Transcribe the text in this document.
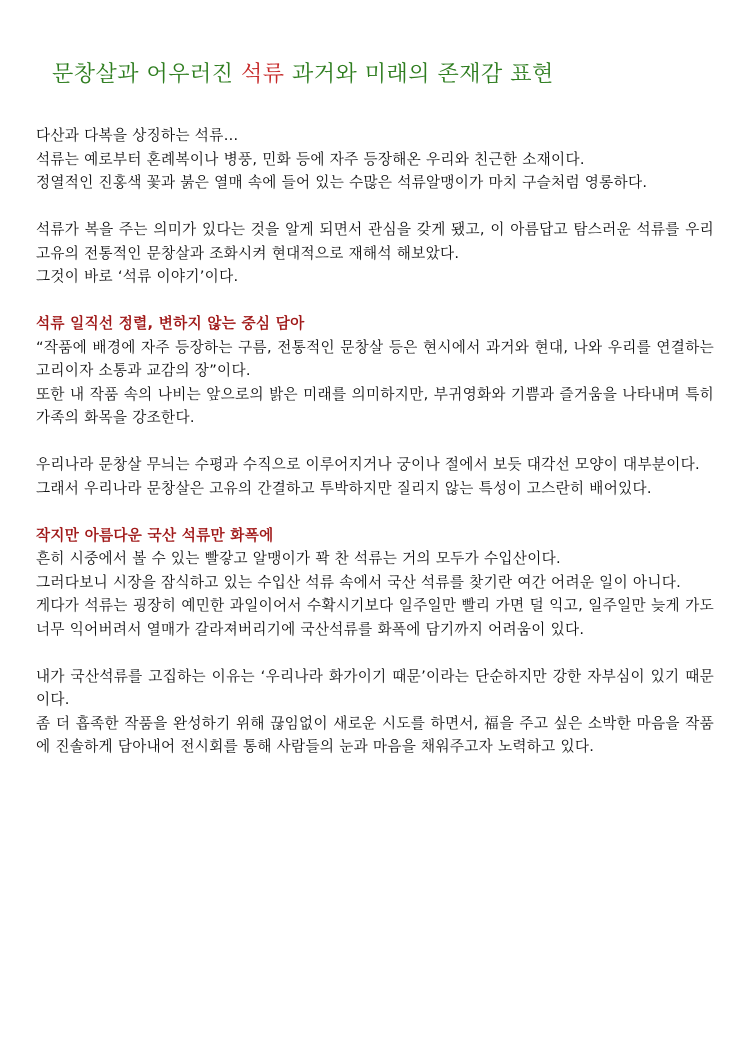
문창살과 어우러진 석류 과거와 미래의 존재감 표현

다산과 다복을 상징하는 석류…

석류는 예로부터 혼례복이나 병풍, 민화 등에 자주 등장해온 우리와 친근한 소재이다.

정열적인 진홍색 꽃과 붉은 열매 속에 들어 있는 수많은 석류알맹이가 마치 구슬처럼 영롱하다.

석류가 복을 주는 의미가 있다는 것을 알게 되면서 관심을 갖게 됐고, 이 아름답고 탐스러운 석류를 우리 고유의 전통적인 문창살과 조화시켜 현대적으로 재해석 해보았다.

그것이 바로 ‘석류 이야기’이다.

석류 일직선 정렬, 변하지 않는 중심 담아

“작품에 배경에 자주 등장하는 구름, 전통적인 문창살 등은 현시에서 과거와 현대, 나와 우리를 연결하는 고리이자 소통과 교감의 장”이다.

또한 내 작품 속의 나비는 앞으로의 밝은 미래를 의미하지만, 부귀영화와 기쁨과 즐거움을 나타내며 특히 가족의 화목을 강조한다.

우리나라 문창살 무늬는 수평과 수직으로 이루어지거나 궁이나 절에서 보듯 대각선 모양이 대부분이다.

그래서 우리나라 문창살은 고유의 간결하고 투박하지만 질리지 않는 특성이 고스란히 배어있다.

작지만 아름다운 국산 석류만 화폭에

흔히 시중에서 볼 수 있는 빨갛고 알맹이가 꽉 찬 석류는 거의 모두가 수입산이다.

그러다보니 시장을 잠식하고 있는 수입산 석류 속에서 국산 석류를 찾기란 여간 어려운 일이 아니다.

게다가 석류는 굉장히 예민한 과일이어서 수확시기보다 일주일만 빨리 가면 덜 익고, 일주일만 늦게 가도 너무 익어버려서 열매가 갈라져버리기에 국산석류를 화폭에 담기까지 어려움이 있다.

내가 국산석류를 고집하는 이유는 ‘우리나라 화가이기 때문’이라는 단순하지만 강한 자부심이 있기 때문이다.

좀 더 흡족한 작품을 완성하기 위해 끊임없이 새로운 시도를 하면서, 福을 주고 싶은 소박한 마음을 작품에 진솔하게 담아내어 전시회를 통해 사람들의 눈과 마음을 채워주고자 노력하고 있다.
